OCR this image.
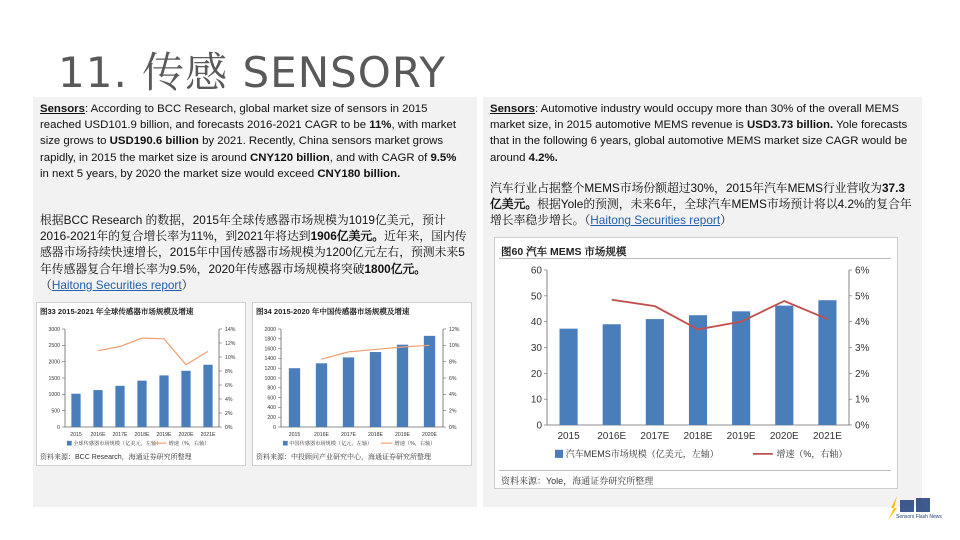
11. 传感 SENSORY
Sensors: According to BCC Research, global market size of sensors in 2015 reached USD101.9 billion, and forecasts 2016-2021 CAGR to be 11%, with market size grows to USD190.6 billion by 2021. Recently, China sensors market grows rapidly, in 2015 the market size is around CNY120 billion, and with CAGR of 9.5% in next 5 years, by 2020 the market size would exceed CNY180 billion.
根据BCC Research 的数据，2015年全球传感器市场规模为1019亿美元，预计2016-2021年的复合增长率为11%，到2021年将达到1906亿美元。近年来，国内传感器市场持续快速增长，2015年中国传感器市场规模为1200亿元左右，预测未来5年传感器复合年增长率为9.5%，2020年传感器市场规模将突破1800亿元。（Haitong Securities report）
图33 2015-2021 年全球传感器市场规模及增速
0
500
1000
1500
2000
2500
3000
0%
2%
4%
6%
8%
10%
12%
14%
2015 2016E 2017E 2018E 2019E 2020E 2021E
全球传感器市场规模（亿美元，左轴） 增速（%，右轴）
资料来源：BCC Research，海通证券研究所整理
图34 2015-2020 年中国传感器市场规模及增速
0
200
400
600
800
1000
1200
1400
1600
1800
2000
0%
2%
4%
6%
8%
10%
12%
2015	2016E 2017E 2018E 2019E 2020E
中国传感器市场规模（亿元，左轴）	增速（%，右轴）
资料来源：中投顾问产业研究中心，海通证券研究所整理
Sensors: Automotive industry would occupy more than 30% of the overall MEMS market size, in 2015 automotive MEMS revenue is USD3.73 billion. Yole forecasts that in the following 6 years, global automotive MEMS market size CAGR would be around 4.2%.
汽车行业占据整个MEMS市场份额超过30%，2015年汽车MEMS行业营收为37.3亿美元。根据Yole的预测，未来6年，全球汽车MEMS市场预计将以4.2%的复合年增长率稳步增长。（Haitong Securities report）
图60 汽车 MEMS 市场规模
0
10
20
30
40
50
60
0%
1%
2%
3%
4%
5%
6%
2015 2016E 2017E 2018E 2019E 2020E 2021E
汽车MEMS市场规模（亿美元，左轴）	增速（%，右轴）
资料来源：Yole，海通证券研究所整理
Sensors Flash News
